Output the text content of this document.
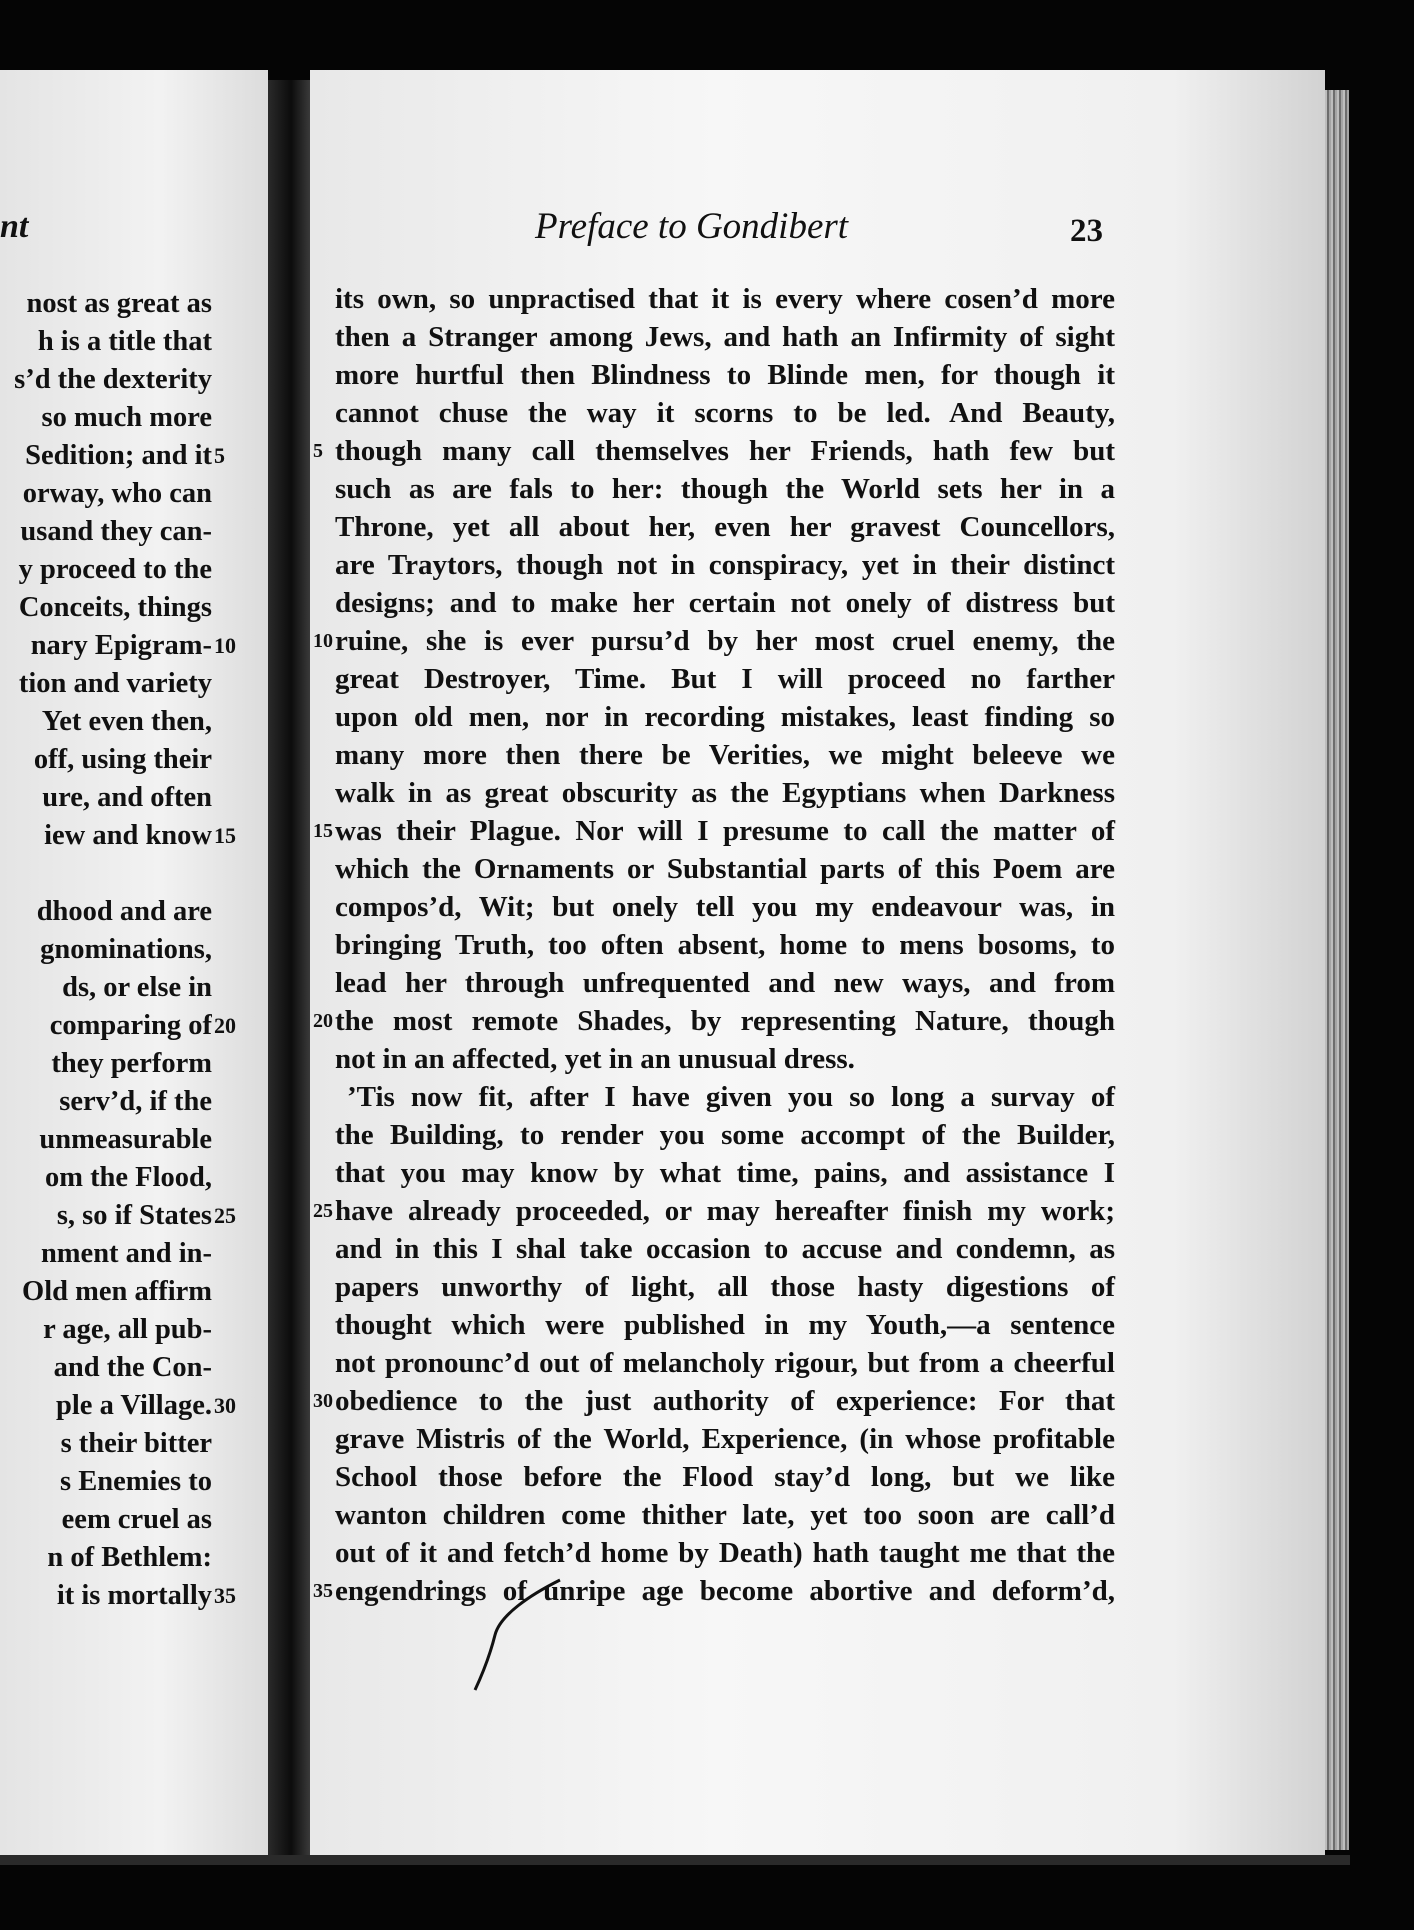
nt
nost as great as
h is a title that
s’d the dexterity
so much more
Sedition; and it 5
orway, who can
usand they can-
y proceed to the
Conceits, things
nary Epigram- 10
tion and variety
Yet even then,
off, using their
ure, and often
iew and know 15
dhood and are
gnominations,
ds, or else in
comparing of 20
they perform
serv’d, if the
unmeasurable
om the Flood,
s, so if States 25
nment and in-
Old men affirm
r age, all pub-
and the Con-
ple a Village. 30
s their bitter
s Enemies to
eem cruel as
n of Bethlem:
it is mortally 35
Preface to Gondibert	23
its own, so unpractised that it is every where cosen’d more
then a Stranger among Jews, and hath an Infirmity of sight
more hurtful then Blindness to Blinde men, for though it
cannot chuse the way it scorns to be led. And Beauty,
though many call themselves her Friends, hath few but
5
such as are fals to her: though the World sets her in a
Throne, yet all about her, even her gravest Councellors,
are Traytors, though not in conspiracy, yet in their distinct
designs; and to make her certain not onely of distress but
ruine, she is ever pursu’d by her most cruel enemy, the
10
great Destroyer, Time. But I will proceed no farther
upon old men, nor in recording mistakes, least finding so
many more then there be Verities, we might beleeve we
walk in as great obscurity as the Egyptians when Darkness
was their Plague. Nor will I presume to call the matter of
15
which the Ornaments or Substantial parts of this Poem are
compos’d, Wit; but onely tell you my endeavour was, in
bringing Truth, too often absent, home to mens bosoms, to
lead her through unfrequented and new ways, and from
the most remote Shades, by representing Nature, though
20
not in an affected, yet in an unusual dress.
’Tis now fit, after I have given you so long a survay of
the Building, to render you some accompt of the Builder,
that you may know by what time, pains, and assistance I
have already proceeded, or may hereafter finish my work;
25
and in this I shal take occasion to accuse and condemn, as
papers unworthy of light, all those hasty digestions of
thought which were published in my Youth,—a sentence
not pronounc’d out of melancholy rigour, but from a cheerful
obedience to the just authority of experience: For that
30
grave Mistris of the World, Experience, (in whose profitable
School those before the Flood stay’d long, but we like
wanton children come thither late, yet too soon are call’d
out of it and fetch’d home by Death) hath taught me that the
engendrings of unripe age become abortive and deform’d,
35
